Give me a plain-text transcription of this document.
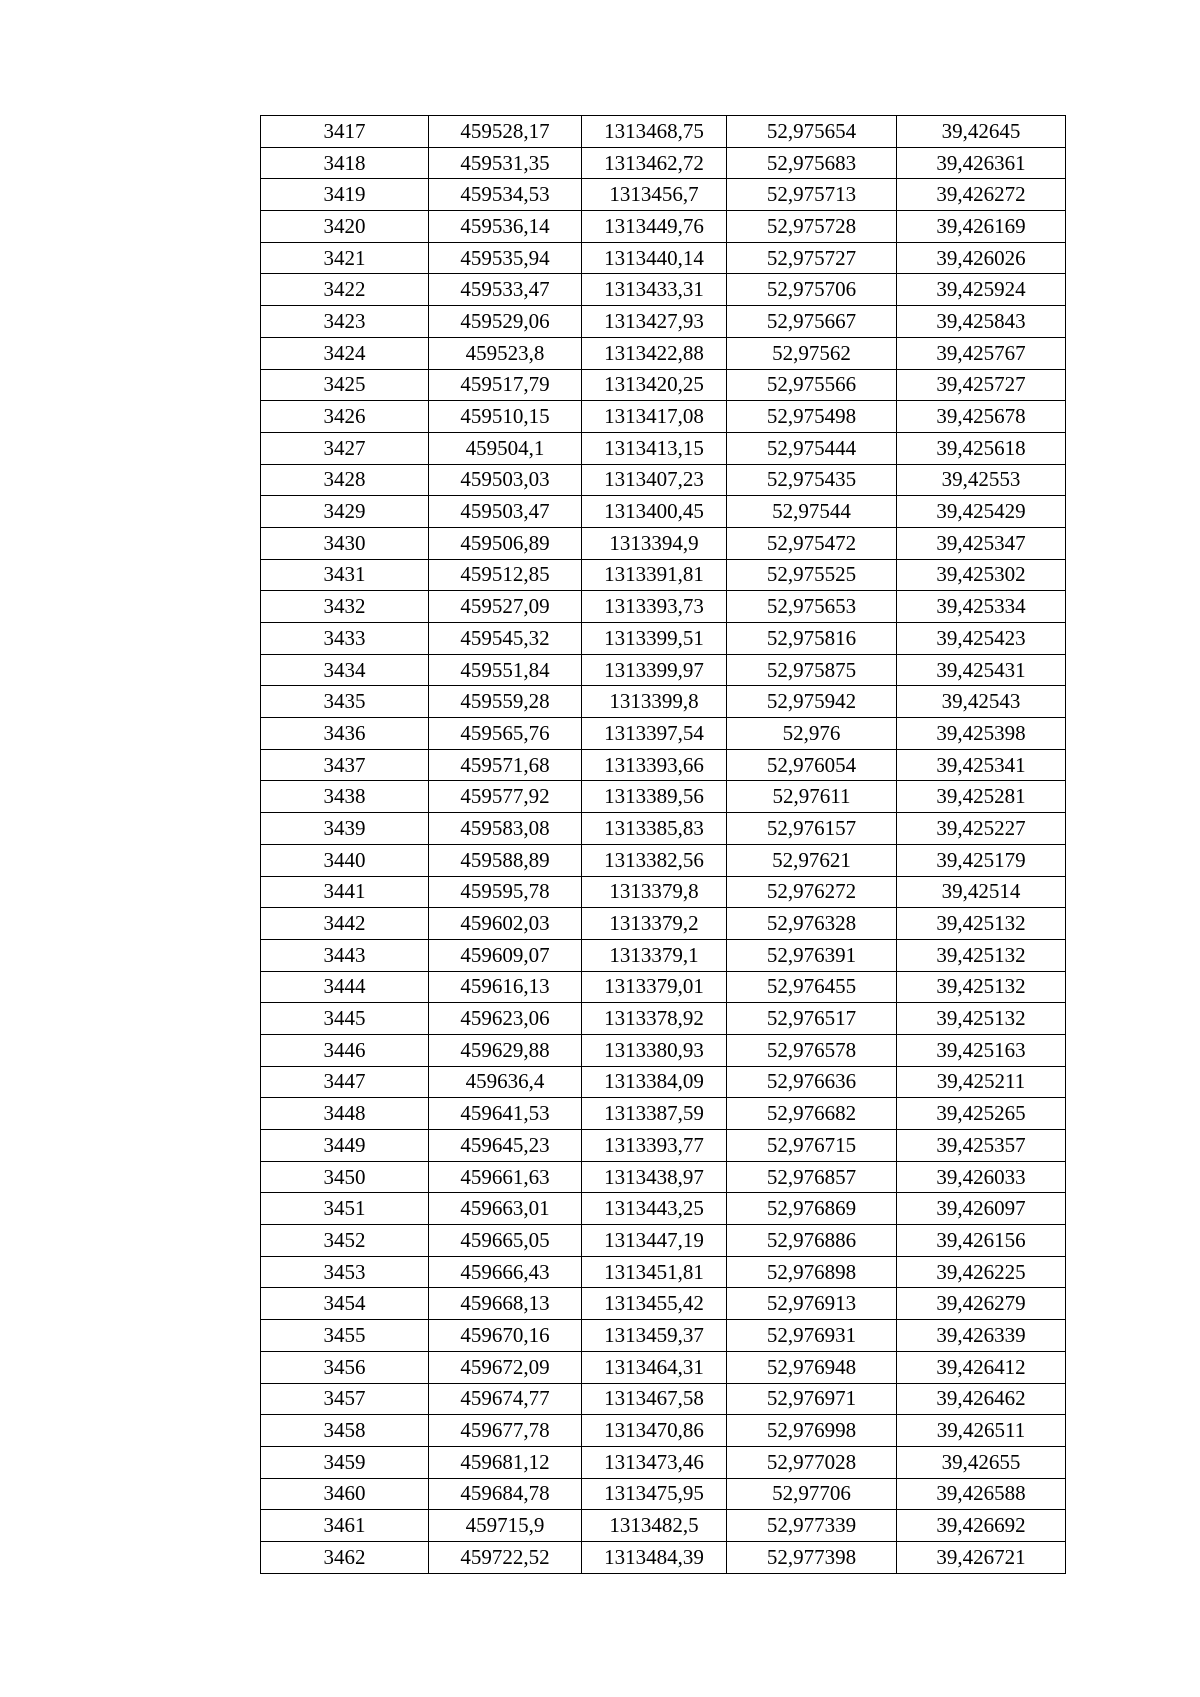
3417	459528,17	1313468,75	52,975654	39,42645
3418	459531,35	1313462,72	52,975683	39,426361
3419	459534,53	1313456,7	52,975713	39,426272
3420	459536,14	1313449,76	52,975728	39,426169
3421	459535,94	1313440,14	52,975727	39,426026
3422	459533,47	1313433,31	52,975706	39,425924
3423	459529,06	1313427,93	52,975667	39,425843
3424	459523,8	1313422,88	52,97562	39,425767
3425	459517,79	1313420,25	52,975566	39,425727
3426	459510,15	1313417,08	52,975498	39,425678
3427	459504,1	1313413,15	52,975444	39,425618
3428	459503,03	1313407,23	52,975435	39,42553
3429	459503,47	1313400,45	52,97544	39,425429
3430	459506,89	1313394,9	52,975472	39,425347
3431	459512,85	1313391,81	52,975525	39,425302
3432	459527,09	1313393,73	52,975653	39,425334
3433	459545,32	1313399,51	52,975816	39,425423
3434	459551,84	1313399,97	52,975875	39,425431
3435	459559,28	1313399,8	52,975942	39,42543
3436	459565,76	1313397,54	52,976	39,425398
3437	459571,68	1313393,66	52,976054	39,425341
3438	459577,92	1313389,56	52,97611	39,425281
3439	459583,08	1313385,83	52,976157	39,425227
3440	459588,89	1313382,56	52,97621	39,425179
3441	459595,78	1313379,8	52,976272	39,42514
3442	459602,03	1313379,2	52,976328	39,425132
3443	459609,07	1313379,1	52,976391	39,425132
3444	459616,13	1313379,01	52,976455	39,425132
3445	459623,06	1313378,92	52,976517	39,425132
3446	459629,88	1313380,93	52,976578	39,425163
3447	459636,4	1313384,09	52,976636	39,425211
3448	459641,53	1313387,59	52,976682	39,425265
3449	459645,23	1313393,77	52,976715	39,425357
3450	459661,63	1313438,97	52,976857	39,426033
3451	459663,01	1313443,25	52,976869	39,426097
3452	459665,05	1313447,19	52,976886	39,426156
3453	459666,43	1313451,81	52,976898	39,426225
3454	459668,13	1313455,42	52,976913	39,426279
3455	459670,16	1313459,37	52,976931	39,426339
3456	459672,09	1313464,31	52,976948	39,426412
3457	459674,77	1313467,58	52,976971	39,426462
3458	459677,78	1313470,86	52,976998	39,426511
3459	459681,12	1313473,46	52,977028	39,42655
3460	459684,78	1313475,95	52,97706	39,426588
3461	459715,9	1313482,5	52,977339	39,426692
3462	459722,52	1313484,39	52,977398	39,426721
